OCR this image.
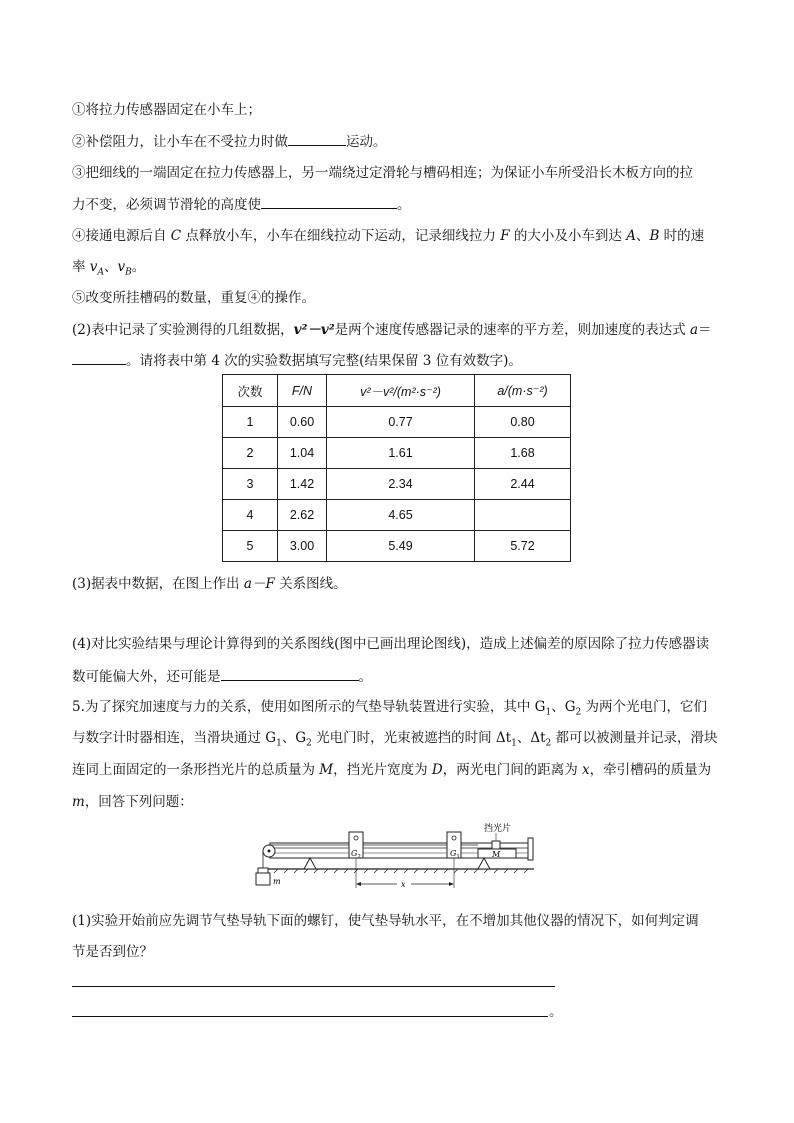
①将拉力传感器固定在小车上；
②补偿阻力，让小车在不受拉力时做	运动。
③把细线的一端固定在拉力传感器上，另一端绕过定滑轮与槽码相连；为保证小车所受沿长木板方向的拉
力不变，必须调节滑轮的高度使	。
④接通电源后自 C 点释放小车，小车在细线拉动下运动，记录细线拉力 F 的大小及小车到达 A、B 时的速
率 $v_A$、$v_B$。
⑤改变所挂槽码的数量，重复④的操作。
(2)表中记录了实验测得的几组数据，v²－v²是两个速度传感器记录的速率的平方差，则加速度的表达式 a＝
。请将表中第 4 次的实验数据填写完整(结果保留 3 位有效数字)。
次数	F/N	v²－v²/(m²·s⁻²)	a/(m·s⁻²)
1	0.60	0.77	0.80
2	1.04	1.61	1.68
3	1.42	2.34	2.44
4	2.62	4.65	
5	3.00	5.49	5.72
(3)据表中数据，在图上作出 a－F 关系图线。
(4)对比实验结果与理论计算得到的关系图线(图中已画出理论图线)，造成上述偏差的原因除了拉力传感器读
数可能偏大外，还可能是	。
5.为了探究加速度与力的关系，使用如图所示的气垫导轨装置进行实验，其中 $G_1$、$G_2$ 为两个光电门，它们
与数字计时器相连，当滑块通过 $G_1$、$G_2$ 光电门时，光束被遮挡的时间 $\Delta t_1$、$\Delta t_2$ 都可以被测量并记录，滑块
连同上面固定的一条形挡光片的总质量为 M，挡光片宽度为 D，两光电门间的距离为 x，牵引槽码的质量为
m，回答下列问题：
m
$G_2$	$G_1$	M
挡光片
x
(1)实验开始前应先调节气垫导轨下面的螺钉，使气垫导轨水平，在不增加其他仪器的情况下，如何判定调
节是否到位？
。
